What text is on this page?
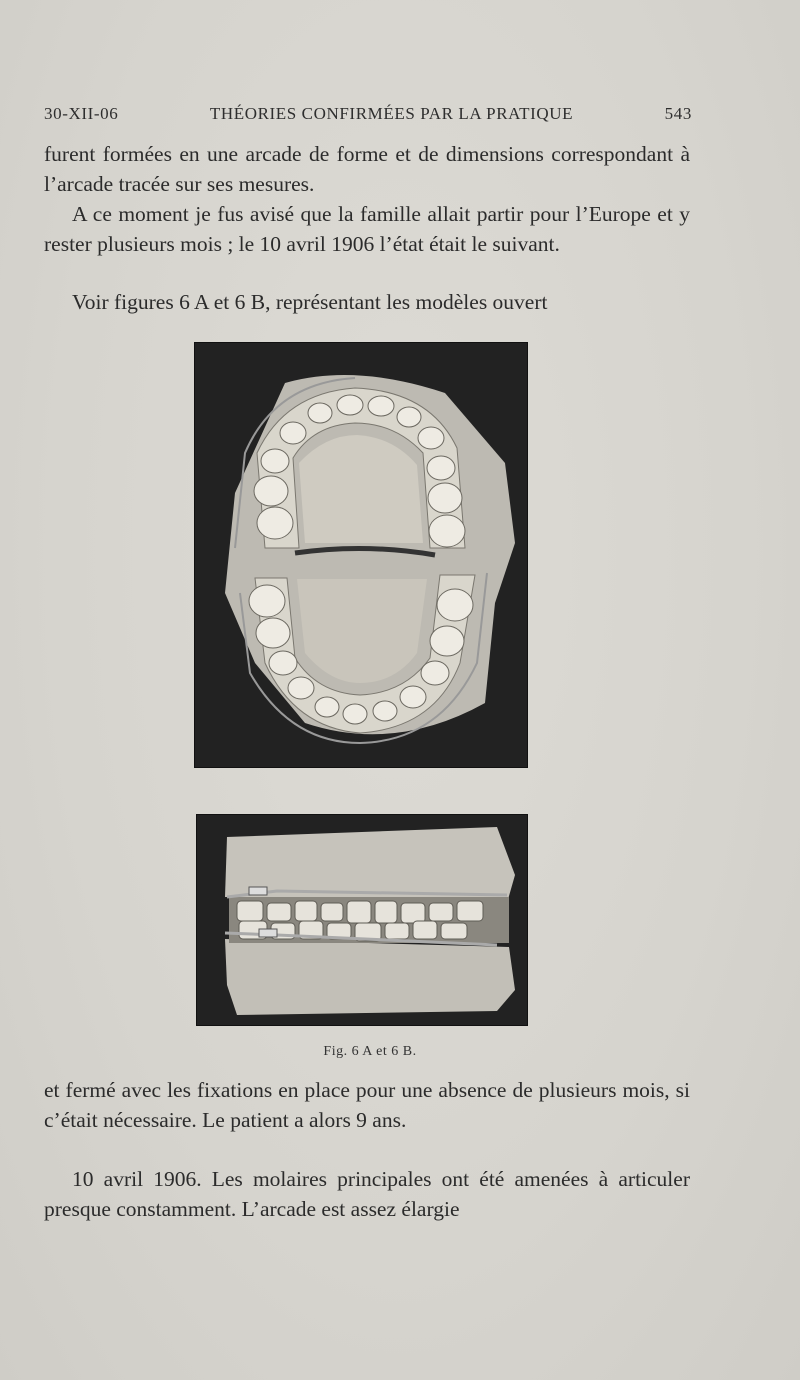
30-XII-06	THÉORIES CONFIRMÉES PAR LA PRATIQUE	543
furent formées en une arcade de forme et de dimensions correspondant à l’arcade tracée sur ses mesures.
A ce moment je fus avisé que la famille allait partir pour l’Europe et y rester plusieurs mois ; le 10 avril 1906 l’état était le suivant.
Voir figures 6 A et 6 B, représentant les modèles ouvert
Fig. 6 A et 6 B.
et fermé avec les fixations en place pour une absence de plusieurs mois, si c’était nécessaire. Le patient a alors 9 ans.
10 avril 1906. Les molaires principales ont été amenées à articuler presque constamment. L’arcade est assez élargie
